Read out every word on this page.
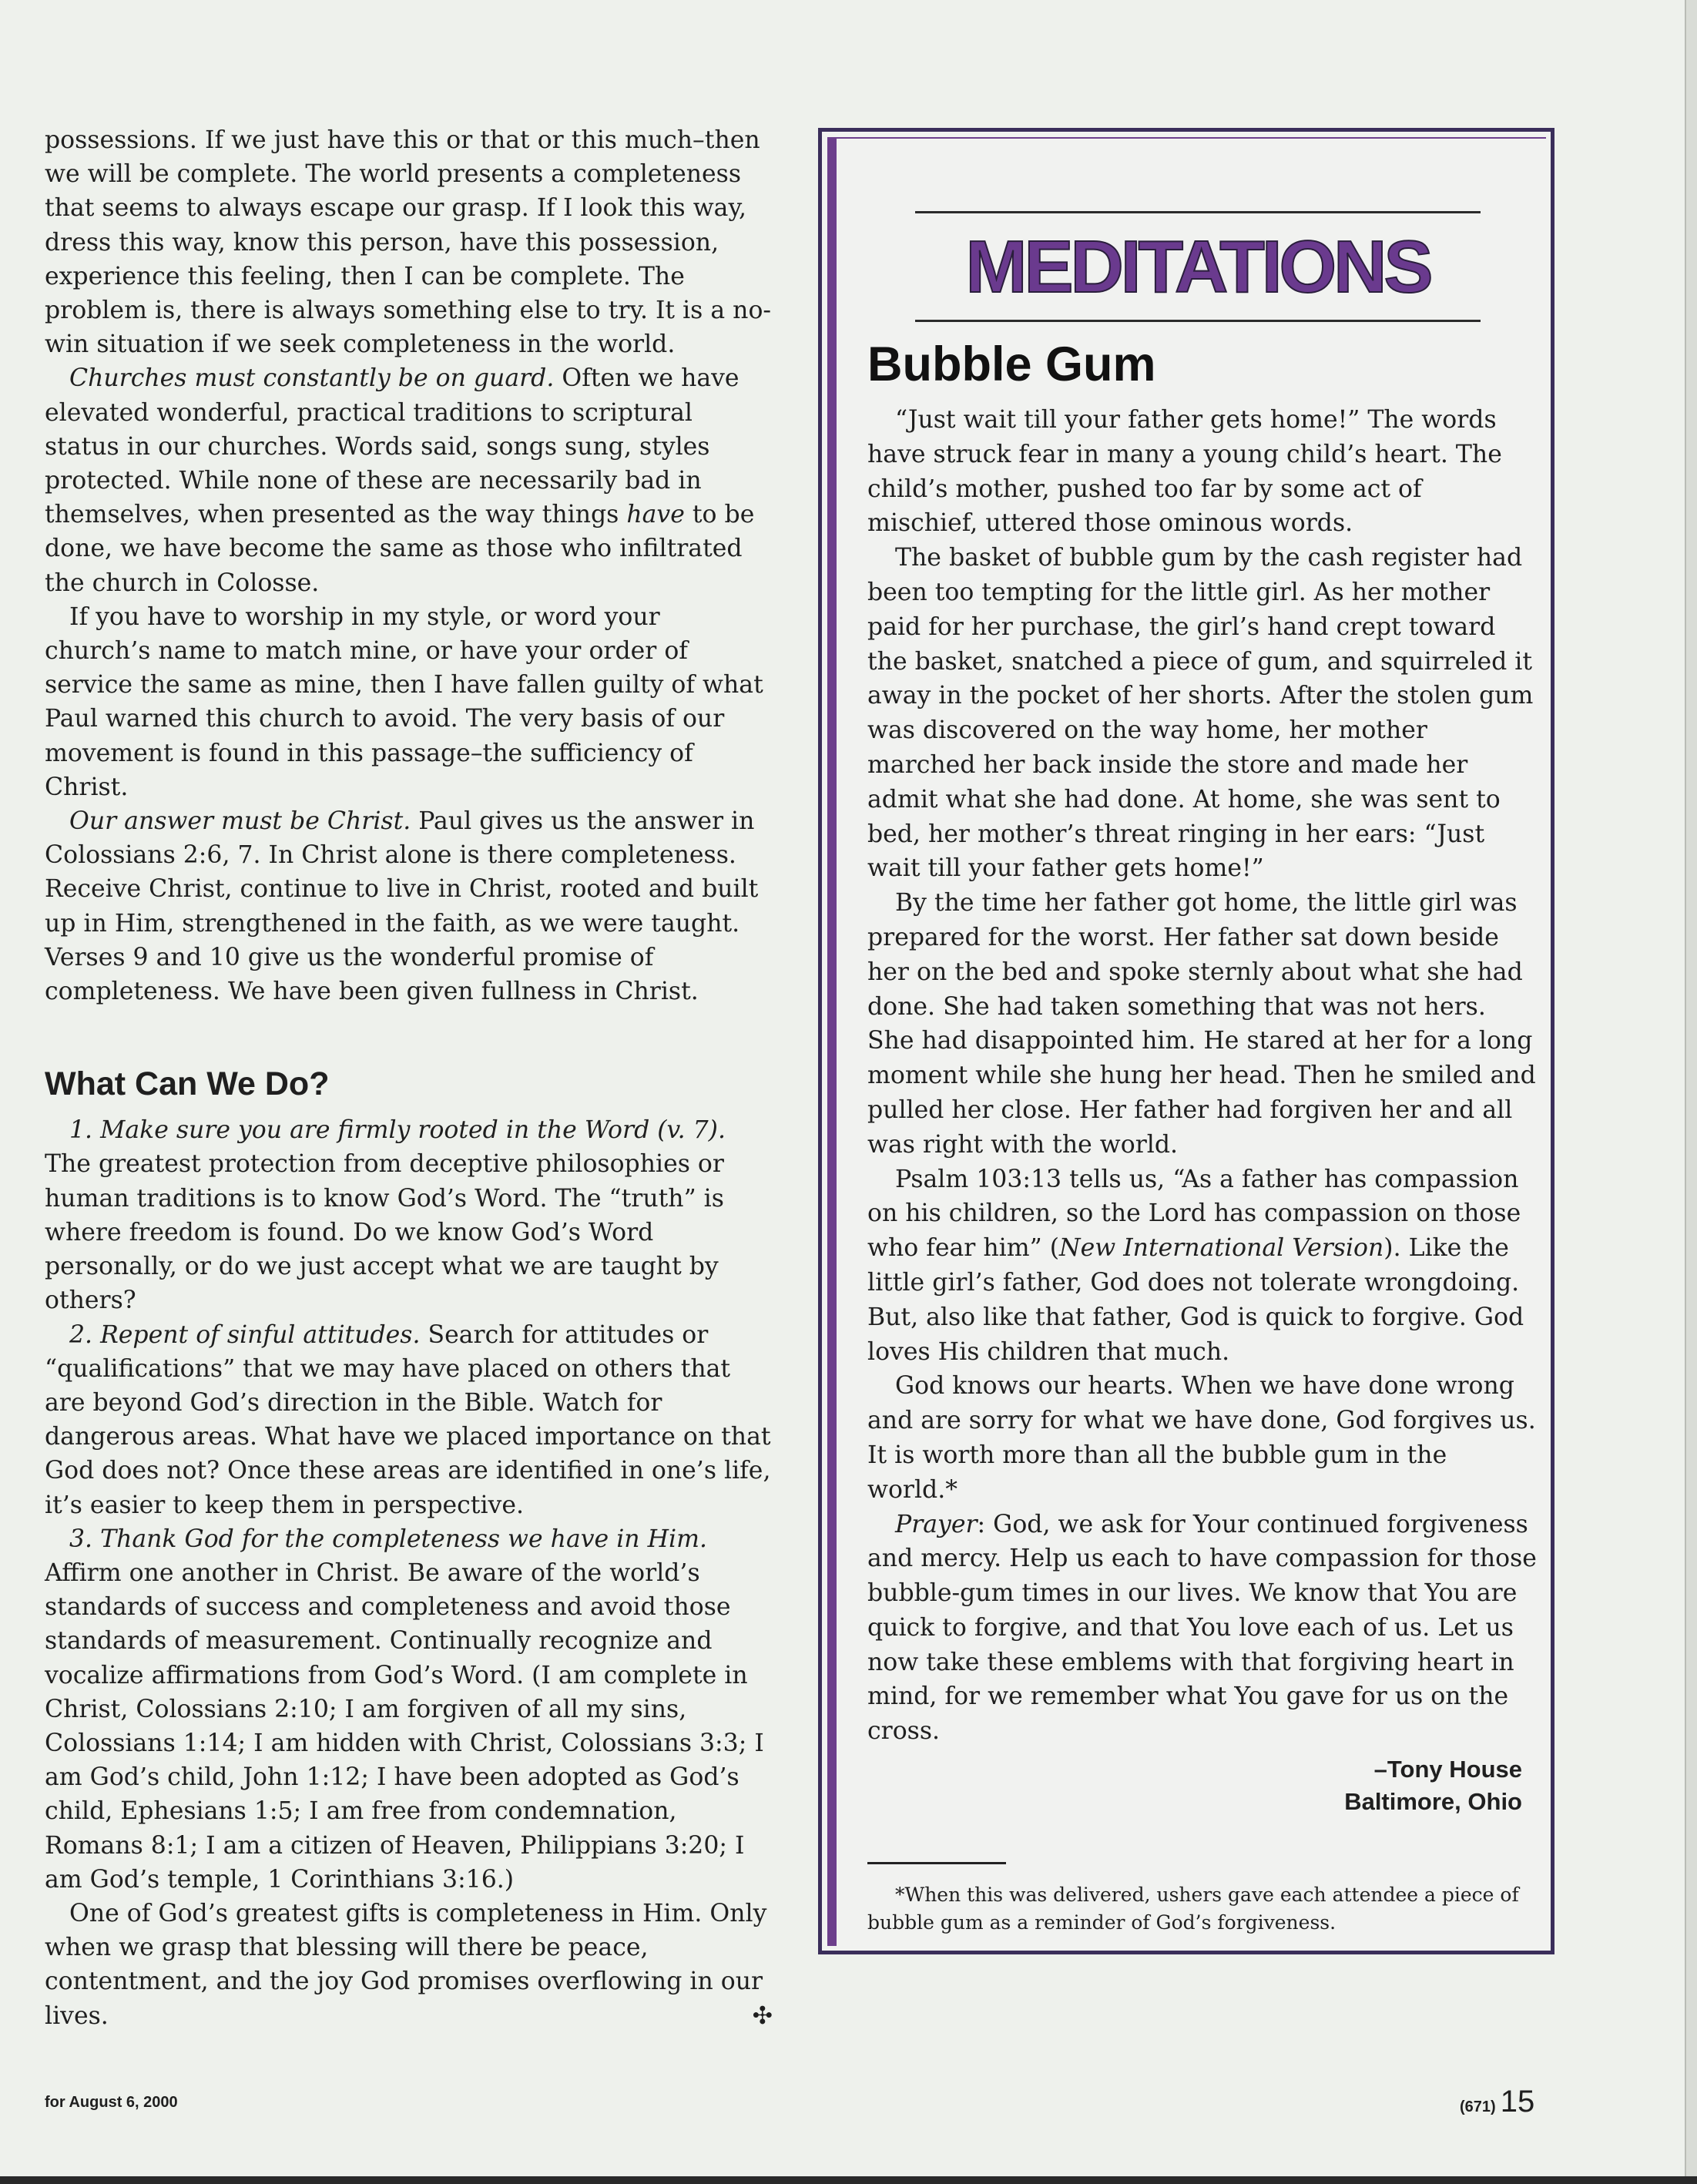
possessions. If we just have this or that or this much–then we will be complete. The world presents a completeness that seems to always escape our grasp. If I look this way, dress this way, know this person, have this possession, experience this feeling, then I can be complete. The problem is, there is always something else to try. It is a no-win situation if we seek completeness in the world.

Churches must constantly be on guard. Often we have elevated wonderful, practical traditions to scriptural status in our churches. Words said, songs sung, styles protected. While none of these are necessarily bad in themselves, when presented as the way things have to be done, we have become the same as those who infiltrated the church in Colosse.

If you have to worship in my style, or word your church’s name to match mine, or have your order of service the same as mine, then I have fallen guilty of what Paul warned this church to avoid. The very basis of our movement is found in this passage–the sufficiency of Christ.

Our answer must be Christ. Paul gives us the answer in Colossians 2:6, 7. In Christ alone is there completeness. Receive Christ, continue to live in Christ, rooted and built up in Him, strengthened in the faith, as we were taught. Verses 9 and 10 give us the wonderful promise of completeness. We have been given fullness in Christ.

What Can We Do?

1. Make sure you are firmly rooted in the Word (v. 7). The greatest protection from deceptive philosophies or human traditions is to know God’s Word. The “truth” is where freedom is found. Do we know God’s Word personally, or do we just accept what we are taught by others?

2. Repent of sinful attitudes. Search for attitudes or “qualifications” that we may have placed on others that are beyond God’s direction in the Bible. Watch for dangerous areas. What have we placed importance on that God does not? Once these areas are identified in one’s life, it’s easier to keep them in perspective.

3. Thank God for the completeness we have in Him. Affirm one another in Christ. Be aware of the world’s standards of success and completeness and avoid those standards of measurement. Continually recognize and vocalize affirmations from God’s Word. (I am complete in Christ, Colossians 2:10; I am forgiven of all my sins, Colossians 1:14; I am hidden with Christ, Colossians 3:3; I am God’s child, John 1:12; I have been adopted as God’s child, Ephesians 1:5; I am free from condemnation, Romans 8:1; I am a citizen of Heaven, Philippians 3:20; I am God’s temple, 1 Corinthians 3:16.)

One of God’s greatest gifts is completeness in Him. Only when we grasp that blessing will there be peace, contentment, and the joy God promises overflowing in our lives.	✣

MEDITATIONS
Bubble Gum

“Just wait till your father gets home!” The words have struck fear in many a young child’s heart. The child’s mother, pushed too far by some act of mischief, uttered those ominous words.

The basket of bubble gum by the cash register had been too tempting for the little girl. As her mother paid for her purchase, the girl’s hand crept toward the basket, snatched a piece of gum, and squirreled it away in the pocket of her shorts. After the stolen gum was discovered on the way home, her mother marched her back inside the store and made her admit what she had done. At home, she was sent to bed, her mother’s threat ringing in her ears: “Just wait till your father gets home!”

By the time her father got home, the little girl was prepared for the worst. Her father sat down beside her on the bed and spoke sternly about what she had done. She had taken something that was not hers. She had disappointed him. He stared at her for a long moment while she hung her head. Then he smiled and pulled her close. Her father had forgiven her and all was right with the world.

Psalm 103:13 tells us, “As a father has compassion on his children, so the Lord has compassion on those who fear him” (New International Version). Like the little girl’s father, God does not tolerate wrongdoing. But, also like that father, God is quick to forgive. God loves His children that much.

God knows our hearts. When we have done wrong and are sorry for what we have done, God forgives us. It is worth more than all the bubble gum in the world.*

Prayer: God, we ask for Your continued forgiveness and mercy. Help us each to have compassion for those bubble-gum times in our lives. We know that You are quick to forgive, and that You love each of us. Let us now take these emblems with that forgiving heart in mind, for we remember what You gave for us on the cross.

–Tony House
Baltimore, Ohio
*When this was delivered, ushers gave each attendee a piece of bubble gum as a reminder of God’s forgiveness.
for August 6, 2000	(671) 15
